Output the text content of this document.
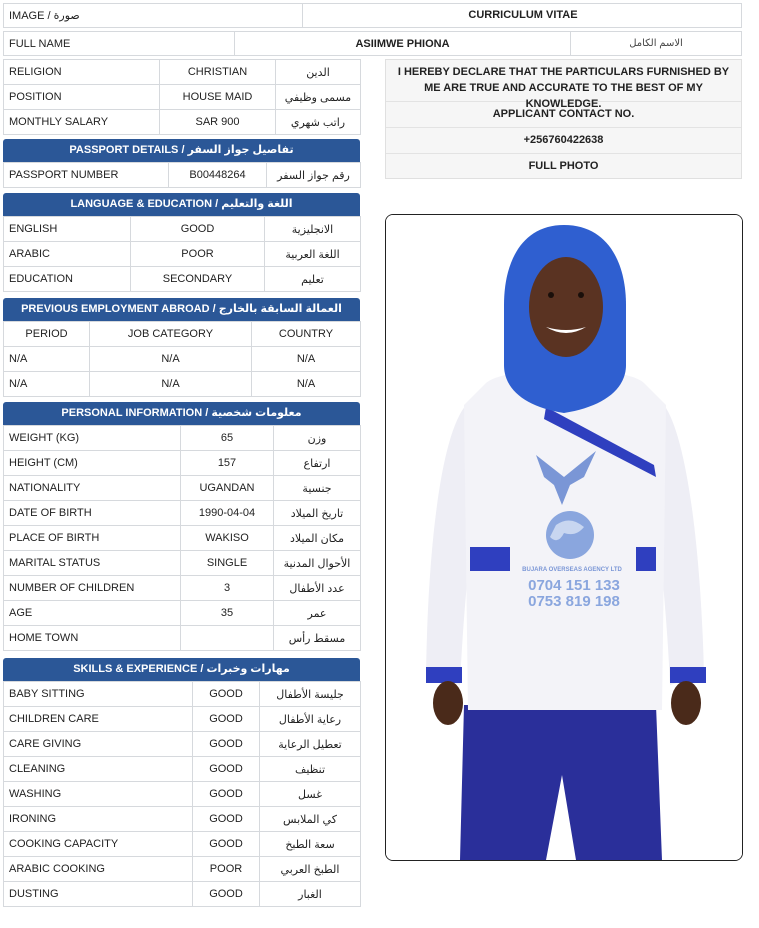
IMAGE / صورة	CURRICULUM VITAE
FULL NAME	ASIIMWE PHIONA	الاسم الكامل
RELIGION	CHRISTIAN	الدين
POSITION	HOUSE MAID	مسمى وظيفي
MONTHLY SALARY	SAR 900	راتب شهري
PASSPORT DETAILS / تفاصيل جواز السفر
PASSPORT NUMBER	B00448264	رقم جواز السفر
LANGUAGE & EDUCATION / اللغة والتعليم
ENGLISH	GOOD	الانجليزية
ARABIC	POOR	اللغة العربية
EDUCATION	SECONDARY	تعليم
PREVIOUS EMPLOYMENT ABROAD / العمالة السابقة بالخارج
PERIOD	JOB CATEGORY	COUNTRY
N/A	N/A	N/A
N/A	N/A	N/A
PERSONAL INFORMATION / معلومات شخصية
WEIGHT (KG)	65	وزن
HEIGHT (CM)	157	ارتفاع
NATIONALITY	UGANDAN	جنسية
DATE OF BIRTH	1990-04-04	تاريخ الميلاد
PLACE OF BIRTH	WAKISO	مكان الميلاد
MARITAL STATUS	SINGLE	الأحوال المدنية
NUMBER OF CHILDREN	3	عدد الأطفال
AGE	35	عمر
HOME TOWN		مسقط رأس
SKILLS & EXPERIENCE / مهارات وخبرات
BABY SITTING	GOOD	جليسة الأطفال
CHILDREN CARE	GOOD	رعاية الأطفال
CARE GIVING	GOOD	تعطيل الرعاية
CLEANING	GOOD	تنظيف
WASHING	GOOD	غسل
IRONING	GOOD	كي الملابس
COOKING CAPACITY	GOOD	سعة الطبخ
ARABIC COOKING	POOR	الطبخ العربي
DUSTING	GOOD	الغبار
I HEREBY DECLARE THAT THE PARTICULARS FURNISHED BY ME ARE TRUE AND ACCURATE TO THE BEST OF MY KNOWLEDGE.
APPLICANT CONTACT NO.
+256760422638
FULL PHOTO
BUJARA OVERSEAS AGENCY LTD
0704 151 133
0753 819 198
